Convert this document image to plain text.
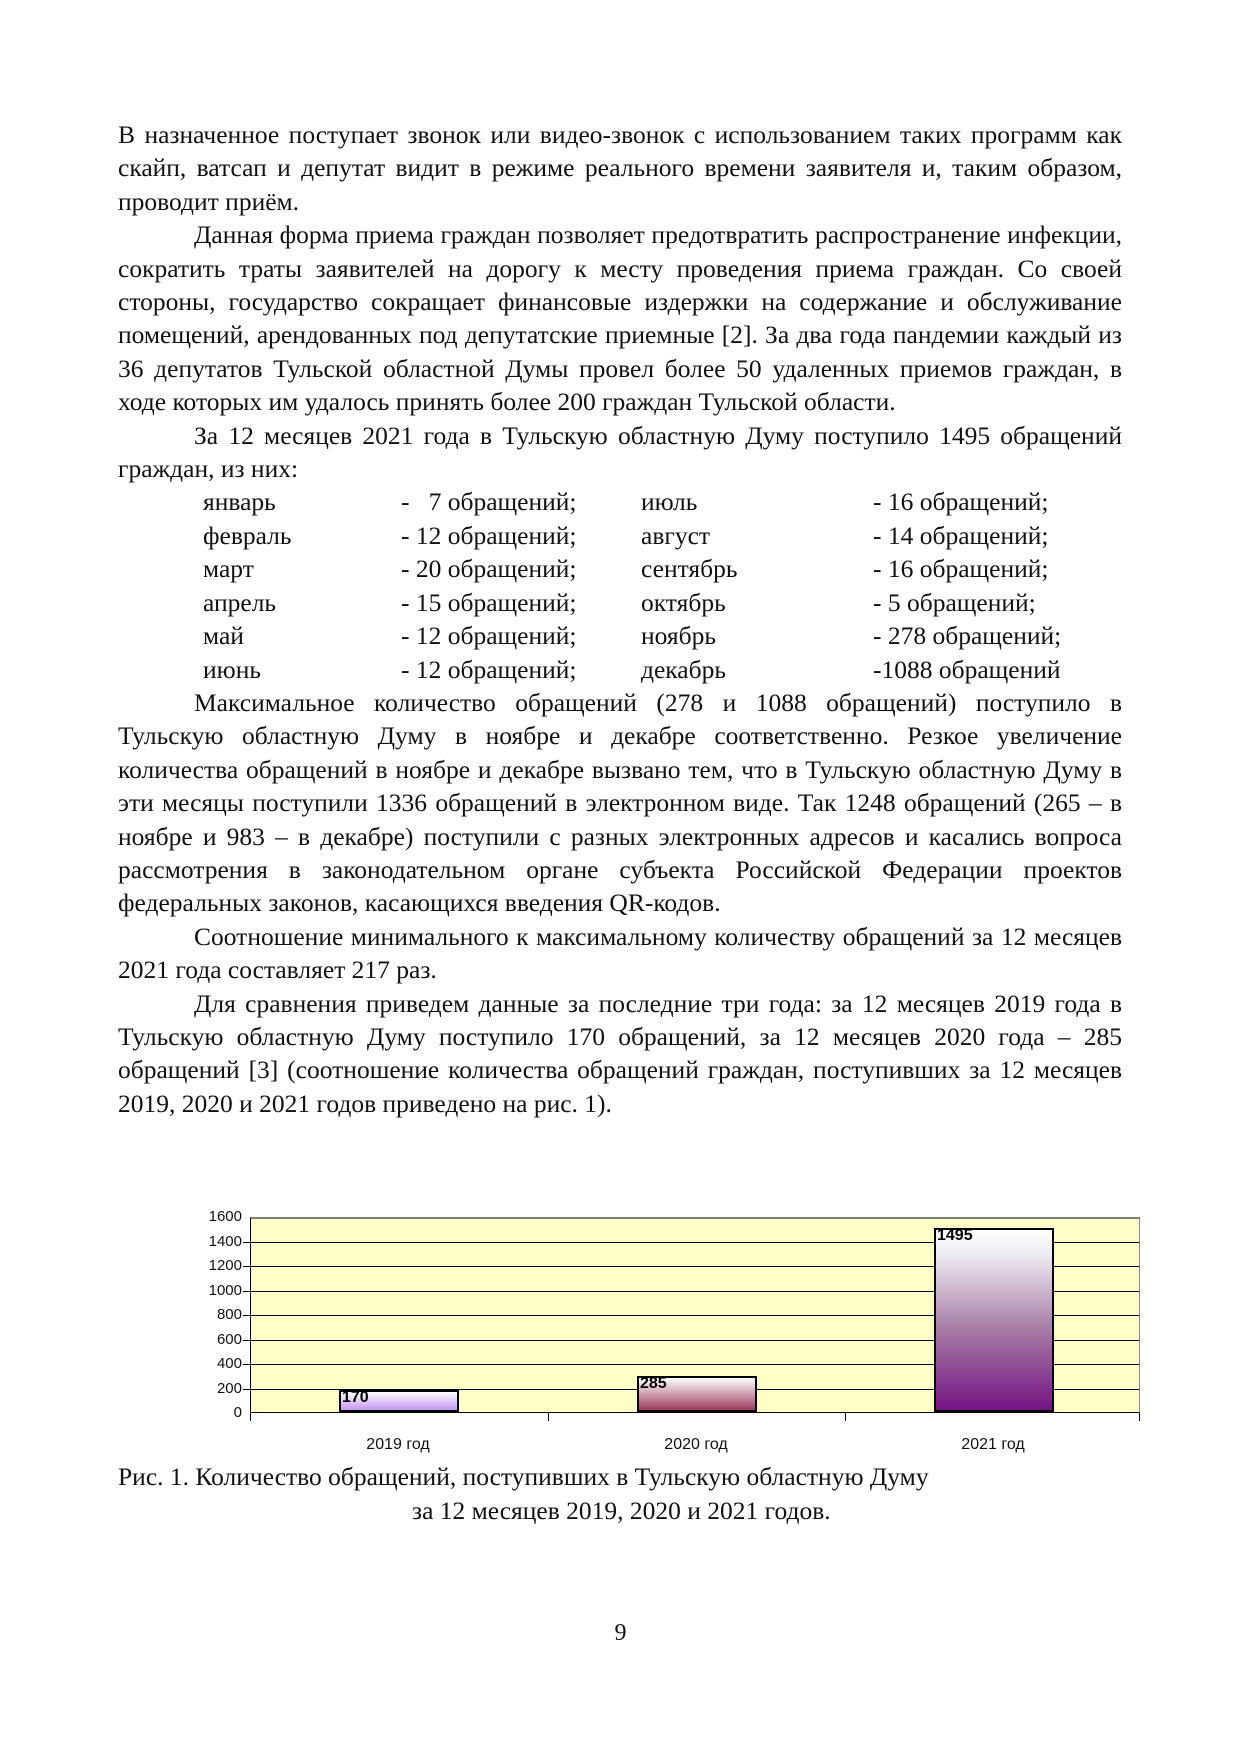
В назначенное поступает звонок или видео-звонок с использованием таких программ как скайп, ватсап и депутат видит в режиме реального времени заявителя и, таким образом, проводит приём.

Данная форма приема граждан позволяет предотвратить распространение инфекции, сократить траты заявителей на дорогу к месту проведения приема граждан. Со своей стороны, государство сокращает финансовые издержки на содержание и обслуживание помещений, арендованных под депутатские приемные [2]. За два года пандемии каждый из 36 депутатов Тульской областной Думы провел более 50 удаленных приемов граждан, в ходе которых им удалось принять более 200 граждан Тульской области.

За 12 месяцев 2021 года в Тульскую областную Думу поступило 1495 обращений граждан, из них:

январь	-   7 обращений;	июль	- 16 обращений;
февраль	- 12 обращений;	август	- 14 обращений;
март	- 20 обращений;	сентябрь	- 16 обращений;
апрель	- 15 обращений;	октябрь	- 5 обращений;
май	- 12 обращений;	ноябрь	- 278 обращений;
июнь	- 12 обращений;	декабрь	-1088 обращений

Максимальное количество обращений (278 и 1088 обращений) поступило в Тульскую областную Думу в ноябре и декабре соответственно. Резкое увеличение количества обращений в ноябре и декабре вызвано тем, что в Тульскую областную Думу в эти месяцы поступили 1336 обращений в электронном виде. Так 1248 обращений (265 – в ноябре и 983 – в декабре) поступили с разных электронных адресов и касались вопроса рассмотрения в законодательном органе субъекта Российской Федерации проектов федеральных законов, касающихся введения QR-кодов.

Соотношение минимального к максимальному количеству обращений за 12 месяцев 2021 года составляет 217 раз.

Для сравнения приведем данные за последние три года: за 12 месяцев 2019 года в Тульскую областную Думу поступило 170 обращений, за 12 месяцев 2020 года – 285 обращений [3] (соотношение количества обращений граждан, поступивших за 12 месяцев 2019, 2020 и 2021 годов приведено на рис. 1).

1600
1400
1200
1000
800
600
400
200
0
170
285
1495
2019 год	2020 год	2021 год

Рис. 1. Количество обращений, поступивших в Тульскую областную Думу

за 12 месяцев 2019, 2020 и 2021 годов.

9
